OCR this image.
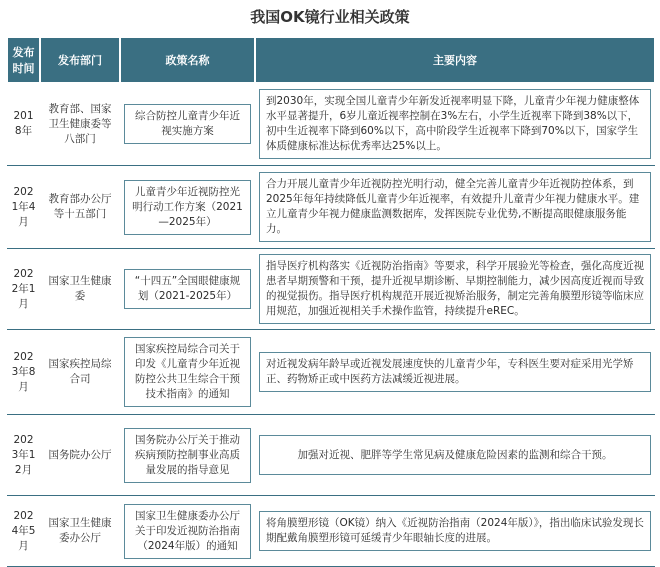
我国OK镜行业相关政策
发布时间	发布部门	政策名称	主要内容
2018年	教育部、国家卫生健康委等八部门	综合防控儿童青少年近视实施方案	到2030年，实现全国儿童青少年新发近视率明显下降，儿童青少年视力健康整体水平显著提升，6岁儿童近视率控制在3%左右，小学生近视率下降到38%以下，初中生近视率下降到60%以下，高中阶段学生近视率下降到70%以下，国家学生体质健康标准达标优秀率达25%以上。

2021年4月	教育部办公厅等十五部门	儿童青少年近视防控光明行动工作方案（2021—2025年）	合力开展儿童青少年近视防控光明行动，健全完善儿童青少年近视防控体系，到2025年每年持续降低儿童青少年近视率，有效提升儿童青少年视力健康水平。建立儿童青少年视力健康监测数据库，发挥医院专业优势,不断提高眼健康服务能力。

2022年1月	国家卫生健康委	“十四五”全国眼健康规划（2021-2025年）	指导医疗机构落实《近视防治指南》等要求，科学开展验光等检查，强化高度近视患者早期预警和干预，提升近视早期诊断、早期控制能力，减少因高度近视而导致的视觉损伤。指导医疗机构规范开展近视矫治服务，制定完善角膜塑形镜等临床应用规范，加强近视相关手术操作监管，持续提升eREC。

2023年8月	国家疾控局综合司	国家疾控局综合司关于印发《儿童青少年近视防控公共卫生综合干预技术指南》的通知	对近视发病年龄早或近视发展速度快的儿童青少年，专科医生要对症采用光学矫正、药物矫正或中医药方法减缓近视进展。

2023年12月	国务院办公厅	国务院办公厅关于推动疾病预防控制事业高质量发展的指导意见	加强对近视、肥胖等学生常见病及健康危险因素的监测和综合干预。

2024年5月	国家卫生健康委办公厅	国家卫生健康委办公厅关于印发近视防治指南（2024年版）的通知	将角膜塑形镜（OK镜）纳入《近视防治指南（2024年版）》，指出临床试验发现长期配戴角膜塑形镜可延缓青少年眼轴长度的进展。
